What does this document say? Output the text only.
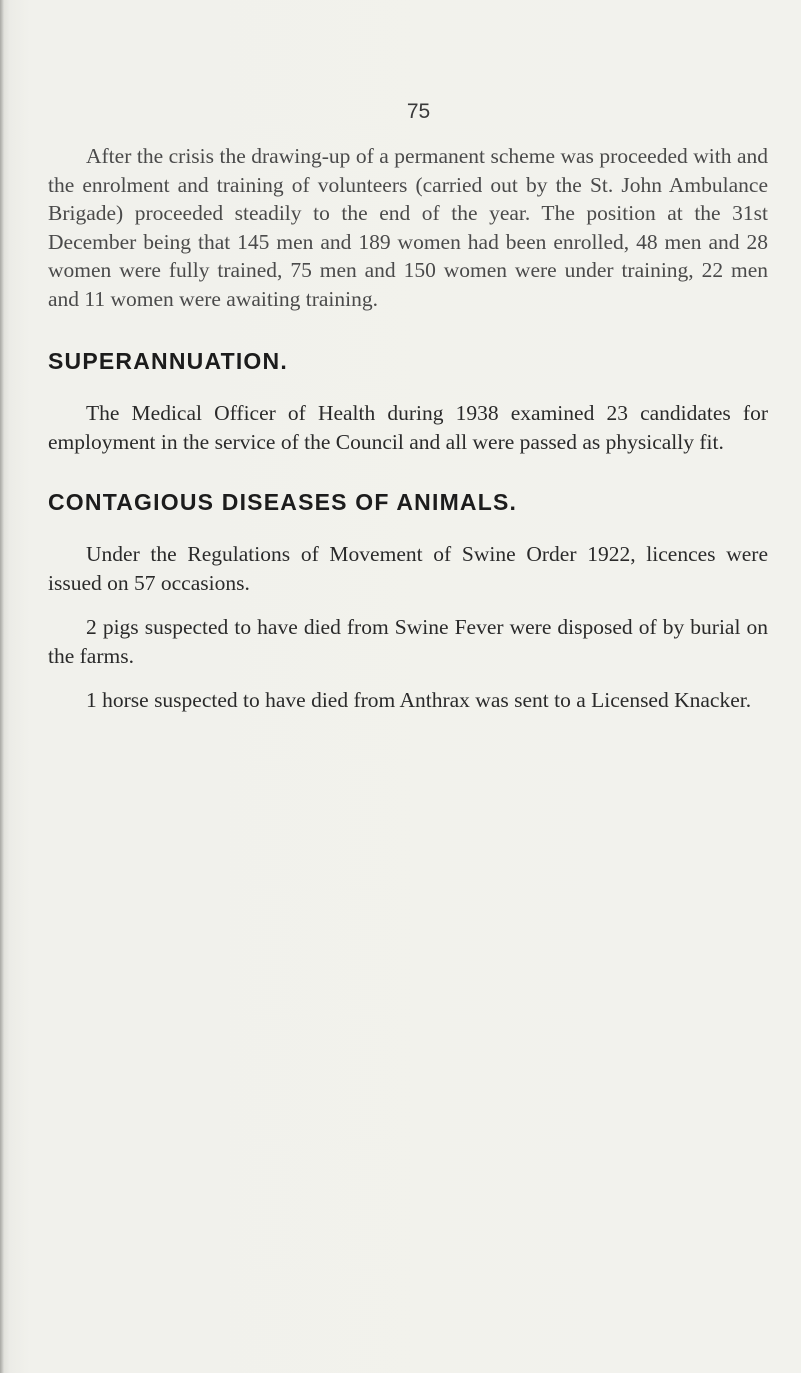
75

After the crisis the drawing-up of a permanent scheme was proceeded with and the enrolment and training of volunteers (carried out by the St. John Ambulance Brigade) proceeded steadily to the end of the year. The position at the 31st December being that 145 men and 189 women had been enrolled, 48 men and 28 women were fully trained, 75 men and 150 women were under training, 22 men and 11 women were awaiting training.

SUPERANNUATION.

The Medical Officer of Health during 1938 examined 23 candidates for employment in the service of the Council and all were passed as physically fit.

CONTAGIOUS DISEASES OF ANIMALS.

Under the Regulations of Movement of Swine Order 1922, licences were issued on 57 occasions.

2 pigs suspected to have died from Swine Fever were disposed of by burial on the farms.

1 horse suspected to have died from Anthrax was sent to a Licensed Knacker.
